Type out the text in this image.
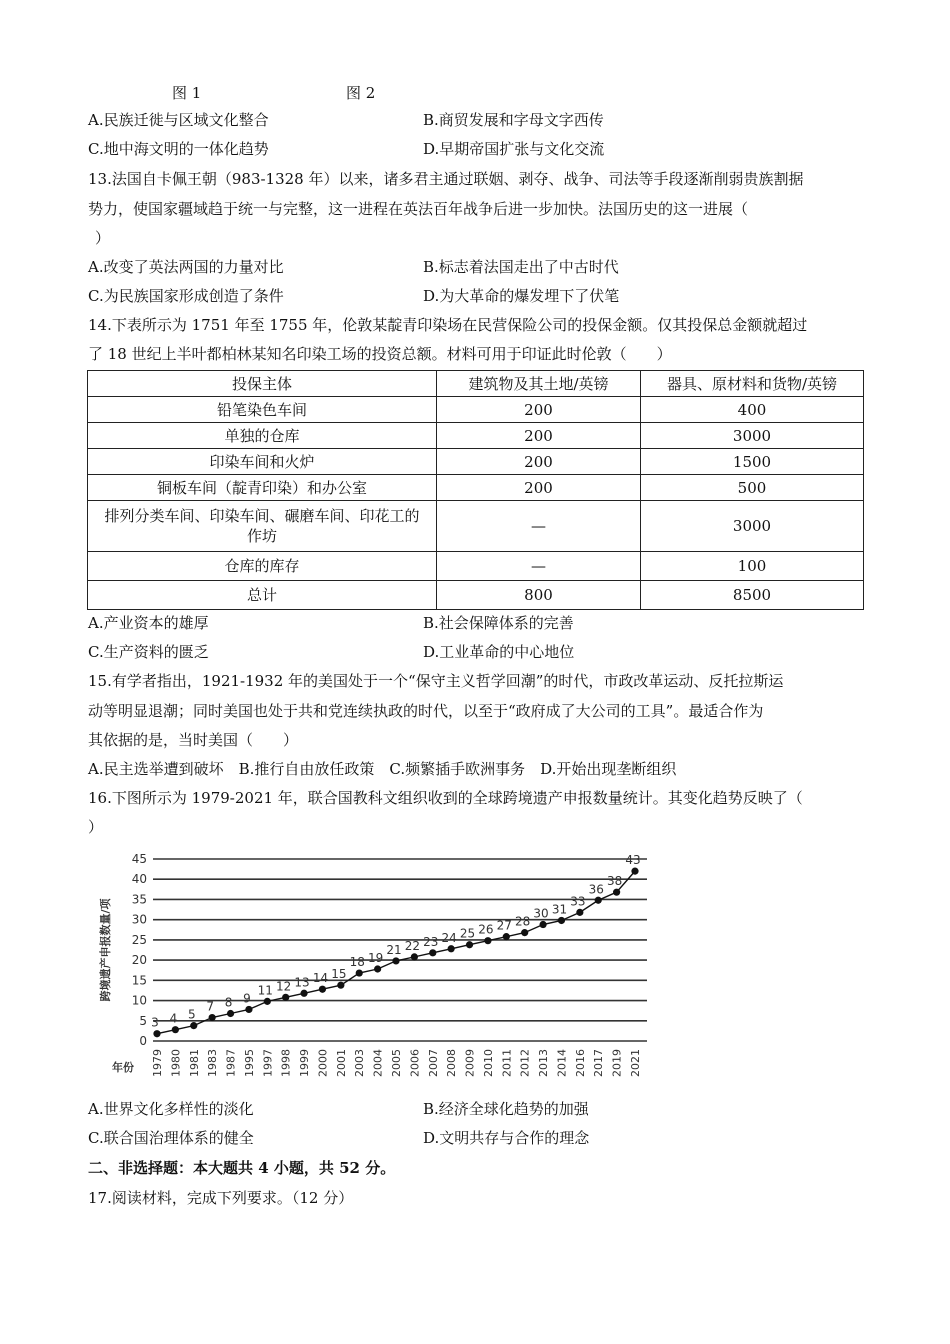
图 1	图 2
A.民族迁徙与区域文化整合	B.商贸发展和字母文字西传
C.地中海文明的一体化趋势	D.早期帝国扩张与文化交流
13.法国自卡佩王朝（983-1328 年）以来，诸多君主通过联姻、剥夺、战争、司法等手段逐渐削弱贵族割据
势力，使国家疆域趋于统一与完整，这一进程在英法百年战争后进一步加快。法国历史的这一进展（
）
A.改变了英法两国的力量对比	B.标志着法国走出了中古时代
C.为民族国家形成创造了条件	D.为大革命的爆发埋下了伏笔
14.下表所示为 1751 年至 1755 年，伦敦某靛青印染场在民营保险公司的投保金额。仅其投保总金额就超过
了 18 世纪上半叶都柏林某知名印染工场的投资总额。材料可用于印证此时伦敦（　　）
投保主体	建筑物及其土地/英镑	器具、原材料和货物/英镑
铅笔染色车间	200	400
单独的仓库	200	3000
印染车间和火炉	200	1500
铜板车间（靛青印染）和办公室	200	500
排列分类车间、印染车间、碾磨车间、印花工的作坊	—	3000
仓库的库存	—	100
总计	800	8500
A.产业资本的雄厚	B.社会保障体系的完善
C.生产资料的匮乏	D.工业革命的中心地位
15.有学者指出，1921-1932 年的美国处于一个“保守主义哲学回潮”的时代，市政改革运动、反托拉斯运
动等明显退潮；同时美国也处于共和党连续执政的时代，以至于“政府成了大公司的工具”。最适合作为
其依据的是，当时美国（　　）
A.民主选举遭到破坏　B.推行自由放任政策　C.频繁插手欧洲事务　D.开始出现垄断组织
16.下图所示为 1979-2021 年，联合国教科文组织收到的全球跨境遗产申报数量统计。其变化趋势反映了（
）
0
5
10
15
20
25
30
35
40
45
跨境遗产申报数量/项
年份
3
1979
4
1980
5
1981
7
1983
8
1987
9
1995
11
1997
12
1998
13
1999
14
2000
15
2001
18
2003
19
2004
21
2005
22
2006
23
2007
24
2008
25
2009
26
2010
27
2011
28
2012
30
2013
31
2014
33
2016
36
2017
38
2019
43
2021
A.世界文化多样性的淡化	B.经济全球化趋势的加强
C.联合国治理体系的健全	D.文明共存与合作的理念
二、非选择题：本大题共 4 小题，共 52 分。
17.阅读材料，完成下列要求。（12 分）
